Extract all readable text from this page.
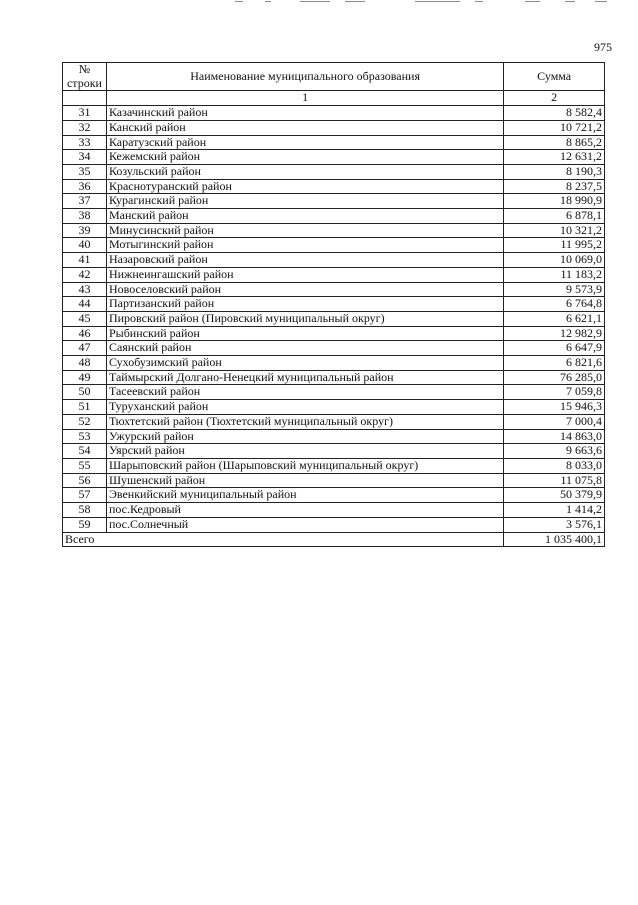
975
№
строки	Наименование муниципального образования	Сумма
	1	2
31	Казачинский район	8 582,4
32	Канский район	10 721,2
33	Каратузский район	8 865,2
34	Кежемский район	12 631,2
35	Козульский район	8 190,3
36	Краснотуранский район	8 237,5
37	Курагинский район	18 990,9
38	Манский район	6 878,1
39	Минусинский район	10 321,2
40	Мотыгинский район	11 995,2
41	Назаровский район	10 069,0
42	Нижнеингашский район	11 183,2
43	Новоселовский район	9 573,9
44	Партизанский район	6 764,8
45	Пировский район (Пировский муниципальный округ)	6 621,1
46	Рыбинский район	12 982,9
47	Саянский район	6 647,9
48	Сухобузимский район	6 821,6
49	Таймырский Долгано-Ненецкий муниципальный район	76 285,0
50	Тасеевский район	7 059,8
51	Туруханский район	15 946,3
52	Тюхтетский район (Тюхтетский муниципальный округ)	7 000,4
53	Ужурский район	14 863,0
54	Уярский район	9 663,6
55	Шарыповский район (Шарыповский муниципальный округ)	8 033,0
56	Шушенский район	11 075,8
57	Эвенкийский муниципальный район	50 379,9
58	пос.Кедровый	1 414,2
59	пос.Солнечный	3 576,1
Всего		1 035 400,1
